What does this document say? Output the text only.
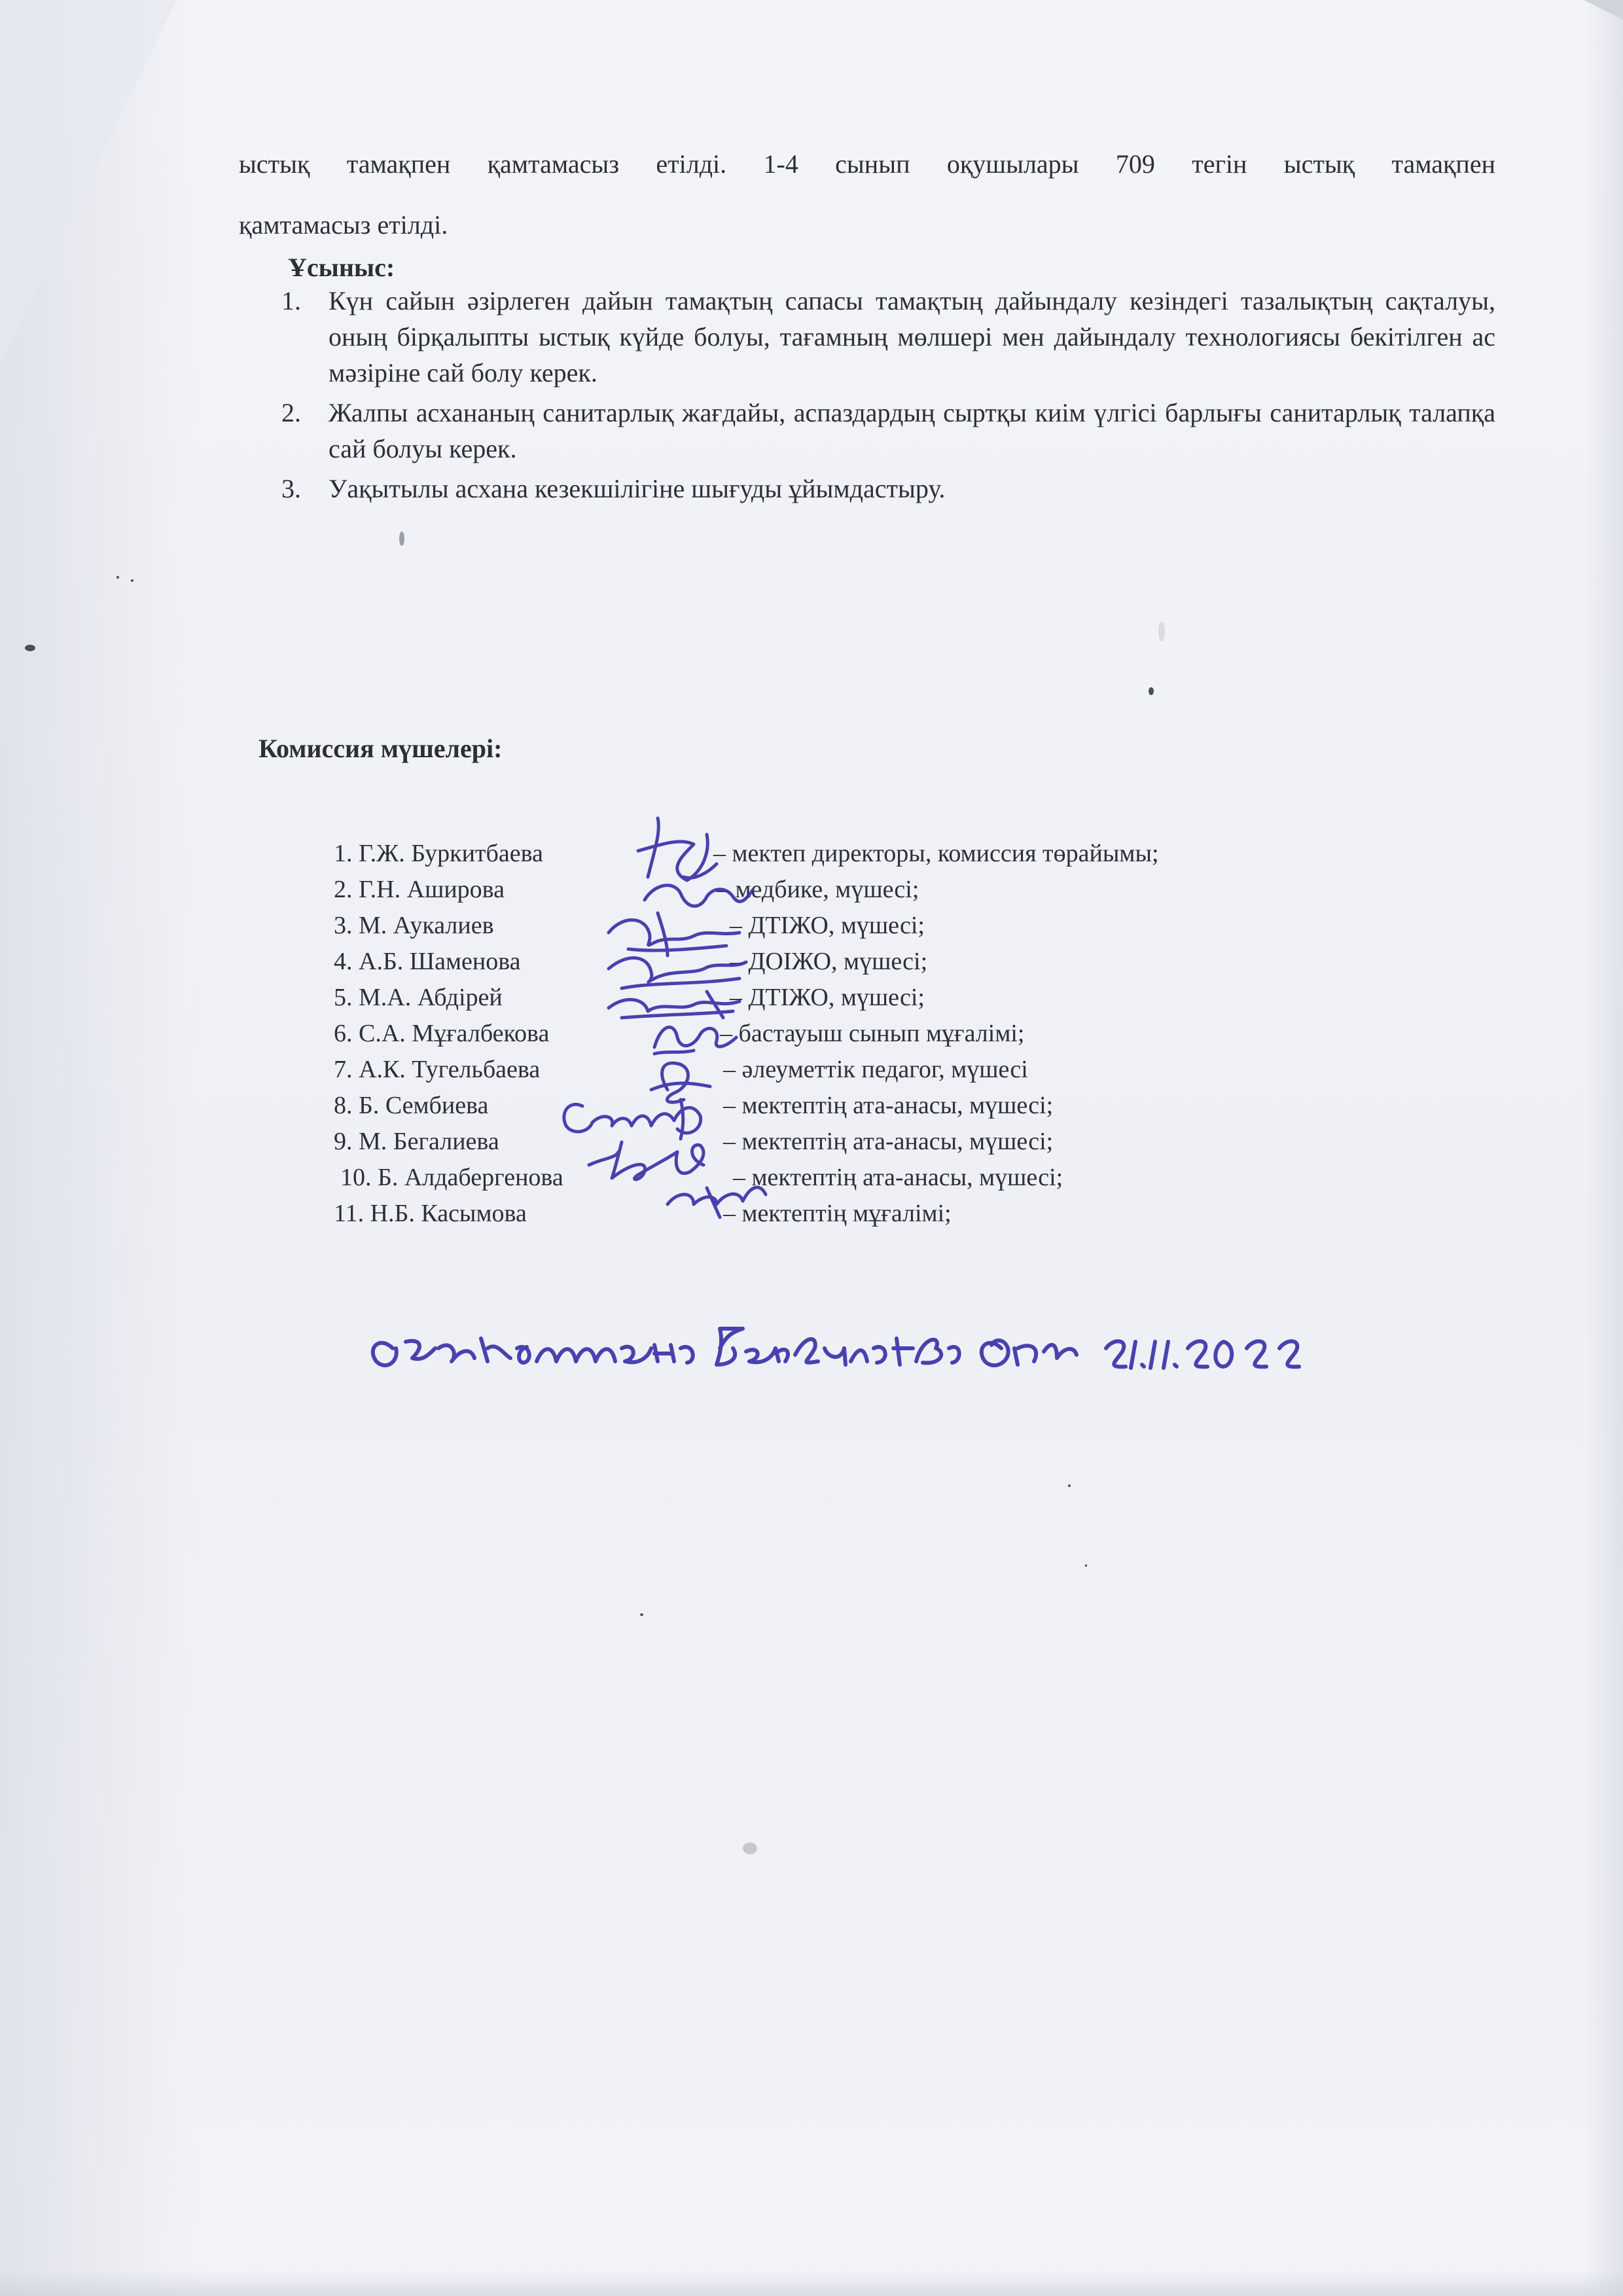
ыстық тамақпен қамтамасыз етілді. 1-4 сынып оқушылары 709 тегін ыстық тамақпен

қамтамасыз етілді.

Ұсыныс:

1. Күн сайын әзірлеген дайын тамақтың сапасы тамақтың дайындалу кезіндегі тазалықтың сақталуы, оның бірқалыпты ыстық күйде болуы, тағамның мөлшері мен дайындалу технологиясы бекітілген ас мәзіріне сай болу керек.
2. Жалпы асхананың санитарлық жағдайы, аспаздардың сыртқы киім үлгісі барлығы санитарлық талапқа сай болуы керек.
3. Уақытылы асхана кезекшілігіне шығуды ұйымдастыру.

Комиссия мүшелері:

1. Г.Ж. Буркитбаева	– мектеп директоры, комиссия төрайымы;
2. Г.Н. Аширова	– медбике, мүшесі;
3. М. Аукалиев	– ДТІЖО, мүшесі;
4. А.Б. Шаменова	– ДОІЖО, мүшесі;
5. М.А. Абдірей	– ДТІЖО, мүшесі;
6. С.А. Мұғалбекова	– бастауыш сынып мұғалімі;
7. А.К. Тугельбаева	– әлеуметтік педагог, мүшесі
8. Б. Сембиева	– мектептің ата-анасы, мүшесі;
9. М. Бегалиева	– мектептің ата-анасы, мүшесі;
10. Б. Алдабергенова	– мектептің ата-анасы, мүшесі;
11. Н.Б. Касымова	– мектептің мұғалімі;
